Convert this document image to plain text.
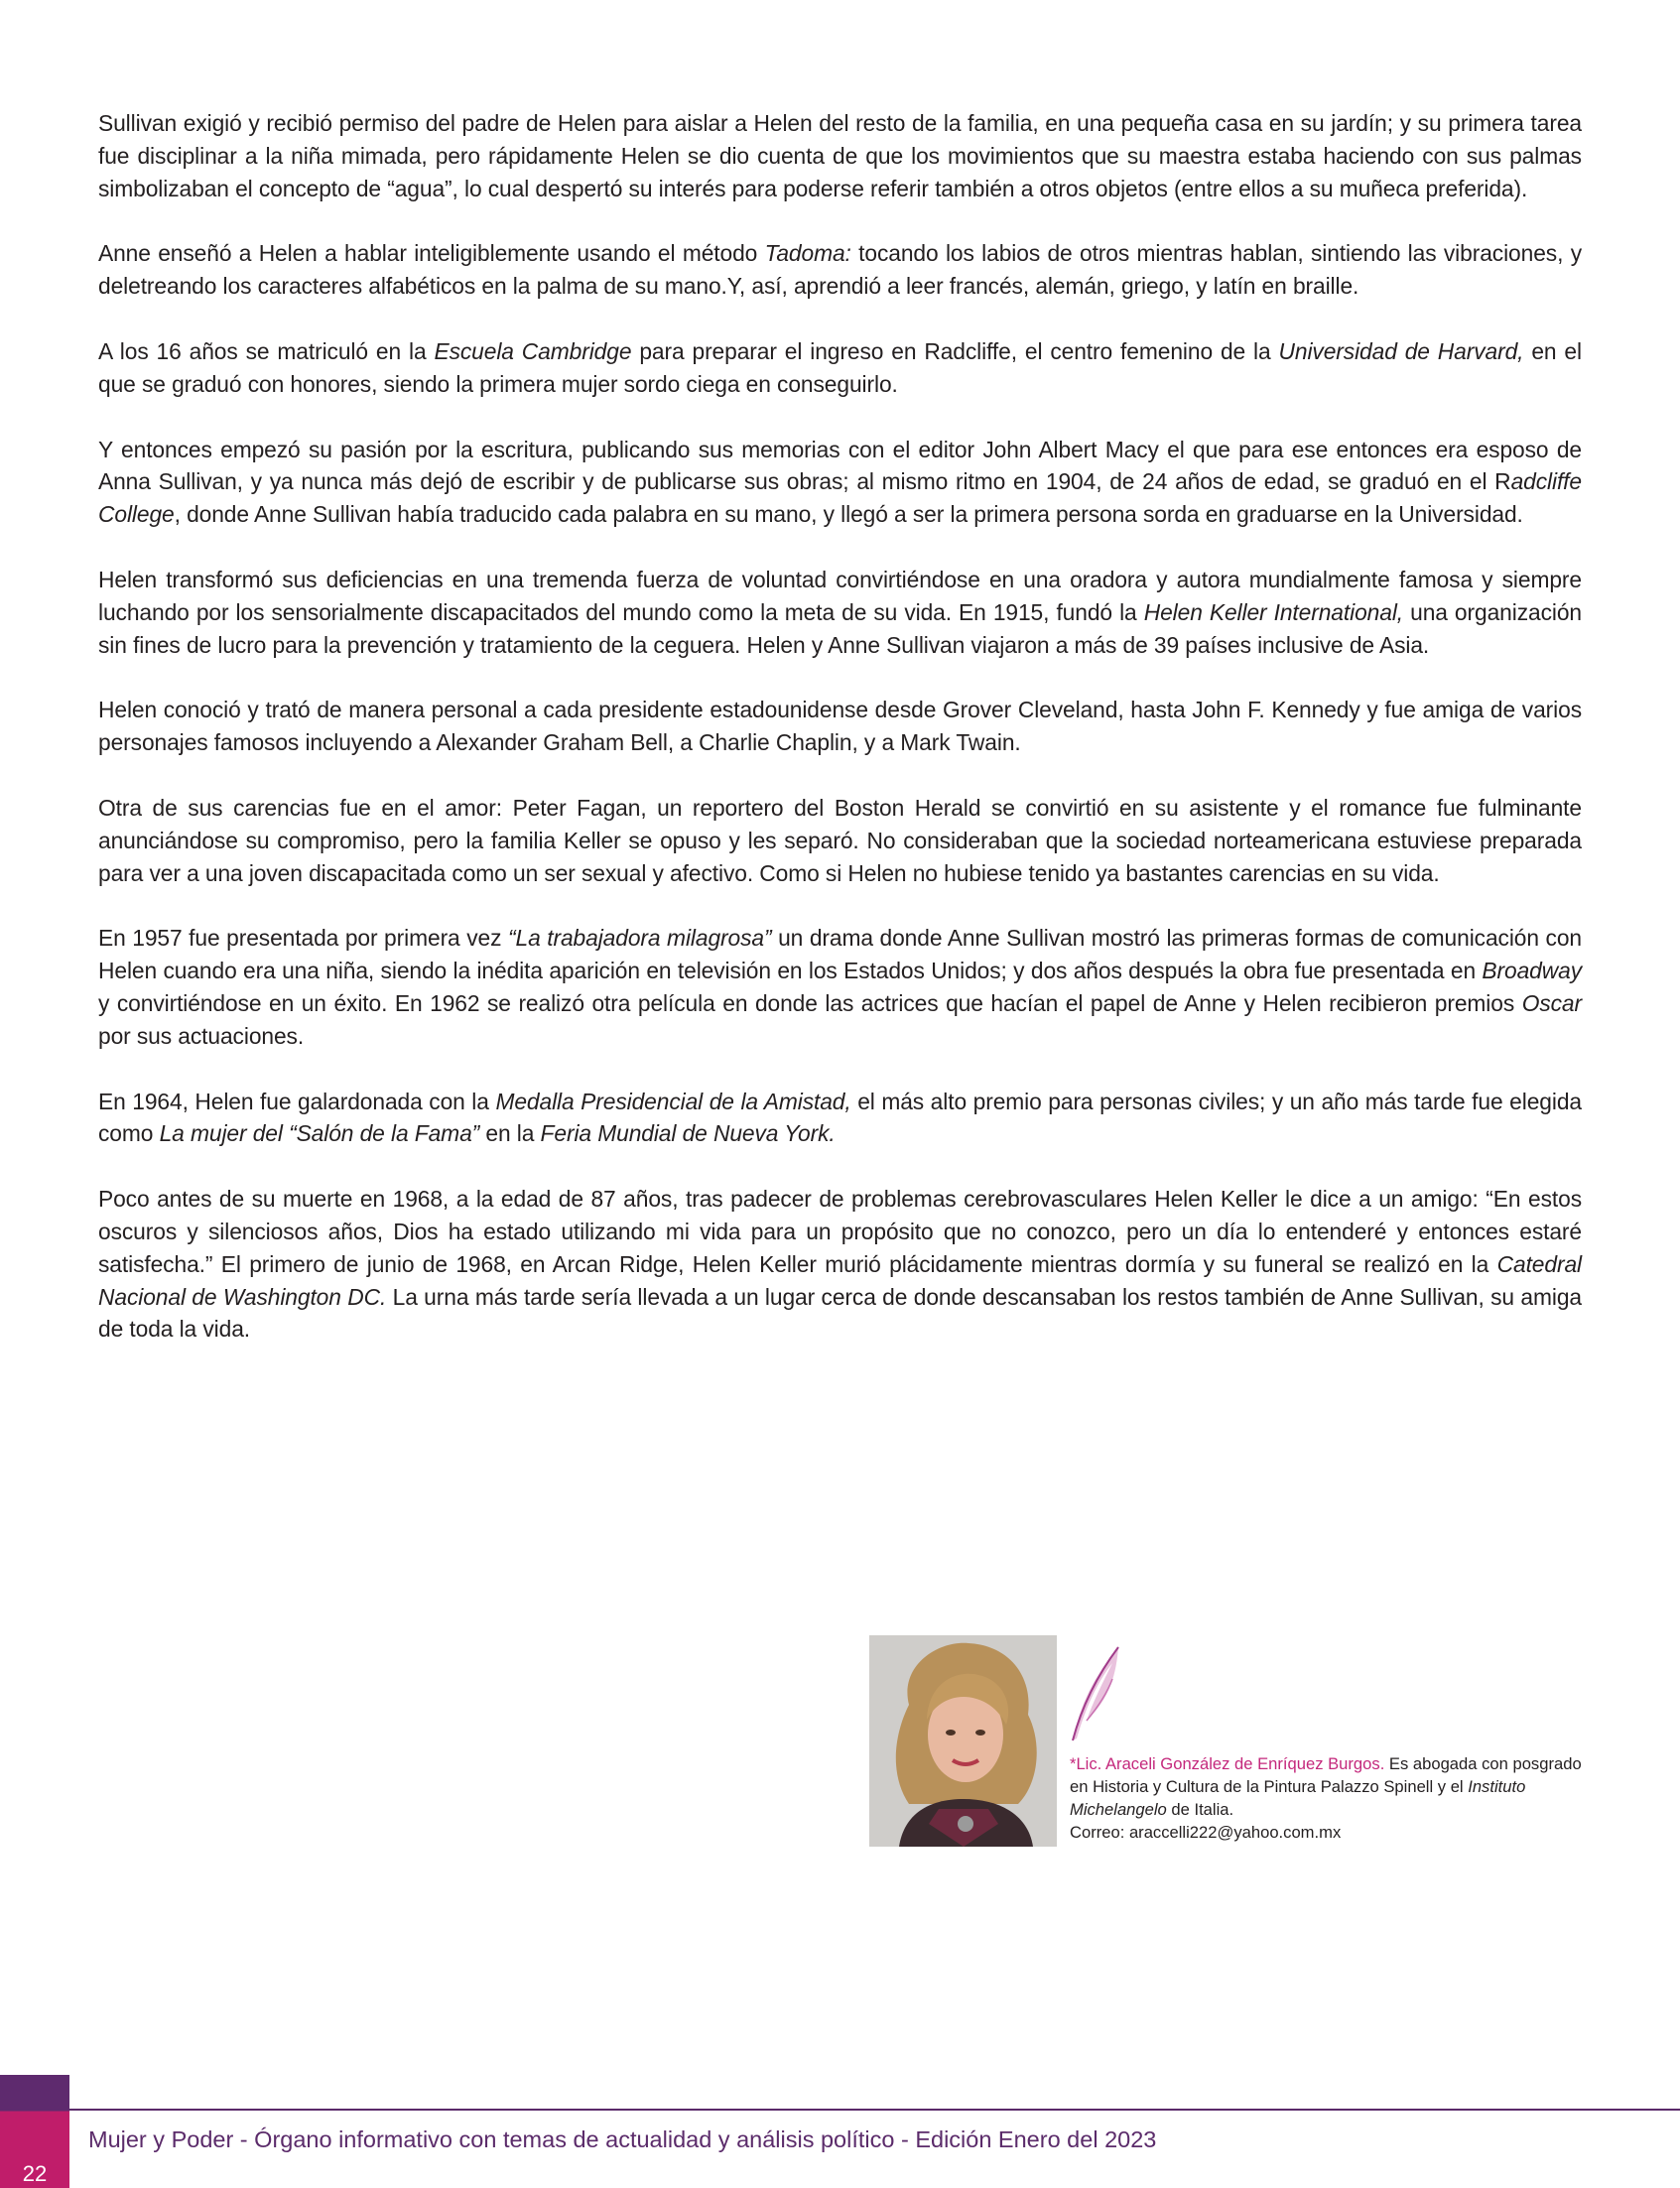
Sullivan exigió y recibió permiso del padre de Helen para aislar a Helen del resto de la familia, en una pequeña casa en su jardín; y su primera tarea fue disciplinar a la niña mimada, pero rápidamente Helen se dio cuenta de que los movimientos que su maestra estaba haciendo con sus palmas simbolizaban el concepto de “agua”, lo cual despertó su interés para poderse referir también a otros objetos (entre ellos a su muñeca preferida).

Anne enseñó a Helen a hablar inteligiblemente usando el método Tadoma: tocando los labios de otros mientras hablan, sintiendo las vibraciones, y deletreando los caracteres alfabéticos en la palma de su mano.Y, así, aprendió a leer francés, alemán, griego, y latín en braille.

A los 16 años se matriculó en la Escuela Cambridge para preparar el ingreso en Radcliffe, el centro femenino de la Universidad de Harvard, en el que se graduó con honores, siendo la primera mujer sordo ciega en conseguirlo.

Y entonces empezó su pasión por la escritura, publicando sus memorias con el editor John Albert Macy el que para ese entonces era esposo de Anna Sullivan, y ya nunca más dejó de escribir y de publicarse sus obras; al mismo ritmo en 1904, de 24 años de edad, se graduó en el Radcliffe College, donde Anne Sullivan había traducido cada palabra en su mano, y llegó a ser la primera persona sorda en graduarse en la Universidad.

Helen transformó sus deficiencias en una tremenda fuerza de voluntad convirtiéndose en una oradora y autora mundialmente famosa y siempre luchando por los sensorialmente discapacitados del mundo como la meta de su vida. En 1915, fundó la Helen Keller International, una organización sin fines de lucro para la prevención y tratamiento de la ceguera. Helen y Anne Sullivan viajaron a más de 39 países inclusive de Asia.

Helen conoció y trató de manera personal a cada presidente estadounidense desde Grover Cleveland, hasta John F. Kennedy y fue amiga de varios personajes famosos incluyendo a Alexander Graham Bell, a Charlie Chaplin, y a Mark Twain.

Otra de sus carencias fue en el amor: Peter Fagan, un reportero del Boston Herald se convirtió en su asistente y el romance fue fulminante anunciándose su compromiso, pero la familia Keller se opuso y les separó. No consideraban que la sociedad norteamericana estuviese preparada para ver a una joven discapacitada como un ser sexual y afectivo. Como si Helen no hubiese tenido ya bastantes carencias en su vida.

En 1957 fue presentada por primera vez “La trabajadora milagrosa” un drama donde Anne Sullivan mostró las primeras formas de comunicación con Helen cuando era una niña, siendo la inédita aparición en televisión en los Estados Unidos; y dos años después la obra fue presentada en Broadway y convirtiéndose en un éxito. En 1962 se realizó otra película en donde las actrices que hacían el papel de Anne y Helen recibieron premios Oscar por sus actuaciones.

En 1964, Helen fue galardonada con la Medalla Presidencial de la Amistad, el más alto premio para personas civiles; y un año más tarde fue elegida como La mujer del “Salón de la Fama” en la Feria Mundial de Nueva York.

Poco antes de su muerte en 1968, a la edad de 87 años, tras padecer de problemas cerebrovasculares Helen Keller le dice a un amigo: “En estos oscuros y silenciosos años, Dios ha estado utilizando mi vida para un propósito que no conozco, pero un día lo entenderé y entonces estaré satisfecha.” El primero de junio de 1968, en Arcan Ridge, Helen Keller murió plácidamente mientras dormía y su funeral se realizó en la Catedral Nacional de Washington DC. La urna más tarde sería llevada a un lugar cerca de donde descansaban los restos también de Anne Sullivan, su amiga de toda la vida.

*Lic. Araceli González de Enríquez Burgos. Es abogada con posgrado en Historia y Cultura de la Pintura Palazzo Spinell y el Instituto Michelangelo de Italia.
Correo: araccelli222@yahoo.com.mx
22
Mujer y Poder - Órgano informativo con temas de actualidad y análisis político - Edición Enero del 2023
